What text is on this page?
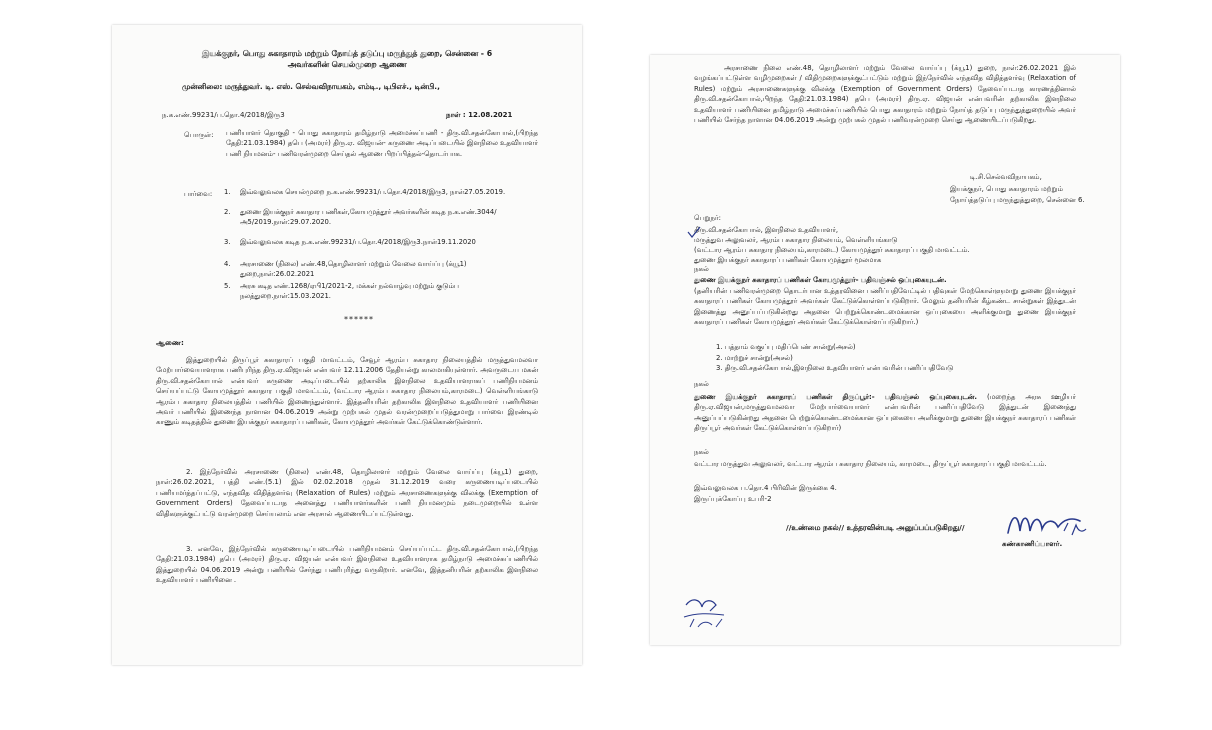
இயக்குநர், பொது சுகாதாரம் மற்றும் நோய்த் தடுப்பு மருந்துத் துறை, சென்னை - 6
அவர்களின் செயல்முறை ஆணை
முன்னிலை: மருத்துவர். டி. எஸ். செல்வவிநாயகம், எம்டி., டிபிஎச்., டின்பி.,
ந.க.எண்.99231/ப.தொ.4/2018/இரு3	நாள் : 12.08.2021
பொருள்: பணியாளர் தொகுதி - பொது சுகாதாரம் தமிழ்நாடு அமைச்சுப்பணி - திரு.வி.சதன்கோபால்,(பிறந்த தேதி:21.03.1984) தபெ (அமரர்) திரு.ஏ. விஜயன்- கருணை அடிப்படையில் இளநிலை உதவியாளர் பணி நியமனம்- பணிவரன்முறை செய்தல் ஆணை பிறப்பித்தல்-தொடர்பாக.
பார்வை: 1. இவ்வலுவலக செயல்முறை ந.க.எண்.99231/ப.தொ.4/2018/இரு3, நாள்27.05.2019.
2. துணை இயக்குநர் சுகாதார பணிகள்,கோயமுத்தூர் அவர்களின் கடித ந.க.எண்.3044/அ5/2019.நாள்:29.07.2020.
3. இவ்வலுவலக கடித ந.க.எண்.99231/ப.தொ.4/2018/இரு3.நாள்19.11.2020
4. அரசாணை (நிலை) எண்.48,தொழிலாளர் மற்றும் வேலை வாய்ப்பு (க்யூ1) துறை,நாள்:26.02.2021
5. அரசு கடித எண்.1268/ஏபி1/2021-2, மக்கள் நல்வாழ்வு மற்றும் குடும்ப நலத்துறை.நாள்:15.03.2021.
******
ஆணை:
இத்துறையில் திருப்பூர் சுகாதாரப் பகுதி மாவட்டம், சேவூர் ஆரம்ப சுகாதார நிலையத்தில் மருத்துவமலவா மேற்பார்வையாளராக பணிபுரிந்த திரு.ஏ.விஜயன் என்பவர் 12.11.2006 தேதியன்று காலமாகியுள்ளார். அவருடைய மகன் திரு.வி.சதன்கோபால் என்பவர் கருணை அடிப்படையில் தற்காலிக இளநிலை உதவியாளராகப் பணிநியமனம் செய்யப்பட்டு கோயமுத்தூர் சுகாதார பகுதி மாவட்டம், (வட்டார ஆரம்ப சுகாதார நிலையம்,காரமடை) வெள்ளியங்காடு ஆரம்ப சுகாதார நிலையத்தில் பணியில் இணைந்துள்ளார். இத்தனியரின் தற்காலிக இளநிலை உதவியாளர் பணியினை அவர் பணியில் இணைந்த நாளான 04.06.2019 அன்று முற்பகல் முதல் வரன்முறைப்படுத்துமாறு பார்வை இரண்டில் காணும் கடிதத்தில் துணை இயக்குநர் சுகாதாரப் பணிகள், கோயமுத்தூர் அவர்கள் கேட்டுக்கொண்டுள்ளார்.
2. இந்நேர்வில் அரசாணை (நிலை) எண்.48, தொழிலாளர் மற்றும் வேலை வாய்ப்பு (க்யூ1) துறை, நாள்:26.02.2021, பத்தி எண்.(5.1) இல் 02.02.2018 முதல் 31.12.2019 வரை கருணையடிப்படையில் பணியமர்த்தப்பட்டு, எந்தவித விதித்தளர்வு (Relaxation of Rules) மற்றும் அரசாணைகளுக்கு விலக்கு (Exemption of Government Orders) தேவைப்படாத அனைத்து பணியாளர்களின் பணி நியமனமும் நடைமுறையில் உள்ள விதிகளுக்குட்பட்டு வரன்முறை செய்யலாம் என அரசால் ஆணையிடப்பட்டுள்ளது.
3. எனவே, இந்நேர்வில் கருணையடிப்படையில் பணிநியமனம் செய்யப்பட்ட திரு.வி.சதன்கோபால்,(பிறந்த தேதி:21.03.1984) தபெ (அமரர்) திரு.ஏ. விஜயன் என்பவர் இளநிலை உதவியாளராக தமிழ்நாடு அமைச்சுப்பணியில் இத்துறையில் 04.06.2019 அன்று பணியில் சேர்ந்து பணிபுரிந்து வருகிறார். எனவே, இத்தனியரின் தற்காலிக இளநிலை உதவியாளர் பணியினை .
அரசாணை நிலை எண்.48, தொழிலாளர் மற்றும் வேலை வாய்ப்பு (க்யூ1) துறை, நாள்:26.02.2021 இல் வழங்கப்பட்டுள்ள வழிமுறைகள் / விதிமுறைகளுக்குட்பட்டும் மற்றும் இந்நேர்வில் எந்தவித விதித்தளர்வு (Relaxation of Rules) மற்றும் அரசாணைகளுக்கு விலக்கு (Exemption of Government Orders) தேவைப்படாத காரணத்தினால் திரு.வி.சதன்கோபால்,பிறந்த தேதி:21.03.1984) தபெ (அமரர்) திரு.ஏ. விஜயன் என்பவரின் தற்காலிக இளநிலை உதவியாளர் பணியினை தமிழ்நாடு அமைச்சுப்பணியில் பொது சுகாதாரம் மற்றும் நோய்த் தடுப்பு மருந்துத்துறையில் அவர் பணியில் சேர்ந்த நாளான 04.06.2019 அன்று முற்பகல் முதல் பணிவரன்முறை செய்து ஆணையிடப்படுகிறது.
டி.சி.செல்வவிநாயகம்,
இயக்குநர், பொது சுகாதாரம் மற்றும்
நோய்த்தடுப்பு மருந்துத்துறை, சென்னை 6.
பெறுநர்:

திரு.வி.சதன்கோபால், இளநிலை உதவியாளர்,

மருத்துவ அலுவலர், ஆரம்ப சுகாதார நிலையம், வெள்ளியங்காடு

(வட்டார ஆரம்ப சுகாதார நிலையம்,காரமடை) கோயமுத்தூர் சுகாதாரப் பகுதி மாவட்டம்.

துணை இயக்குநர் சுகாதாரப் பணிகள் கோயமுத்தூர் மூலமாக

நகல்
துணை இயக்குநர் சுகாதாரப் பணிகள் கோயமுத்தூர்- பதிவஞ்சல் ஒப்புகையுடன்.
(தனியரின் பணிவரன்முறை தொடர்பான உத்தரவினை பணிப்பதிவேட்டில் பதிவுகள் மேற்கொள்ளுமாறு துணை இயக்குநர் சுகாதாரப் பணிகள் கோயமுத்தூர் அவர்கள் கேட்டுக்கொள்ளப்படுகிறார். மேலும் தனியரின் கீழ்கண்ட சான்றுகள் இத்துடன் இணைத்து அனுப்பப்படுகின்றது அதனை பெற்றுக்கொண்டமைக்கான ஒப்புகையை அளிக்குமாறு துணை இயக்குநர் சுகாதாரப் பணிகள் கோயமுத்தூர் அவர்கள் கேட்டுக்கொள்ளப்படுகிறார்.)
1. பத்தாம் வகுப்பு மதிப்பெண் சான்று(அசல்)
2. மாற்றுச் சான்று(அசல்)
3. திரு.வி.சதன்கோபால்,இளநிலை உதவியாளர் என்பவரின் பணிப்பதிவேடு
நகல்
துணை இயக்குநர் சுகாதாரப் பணிகள் திருப்பூர்:- பதிவஞ்சல் ஒப்புகையுடன். (மறைந்த அரசு ஊழியர் திரு.ஏ.விஜயன்,மருத்துவமலவா மேற்பார்வையாளர் என்பவரின் பணிப்பதிவேடு இத்துடன் இணைத்து அனுப்பப்படுகின்றது அதனை பெற்றுக்கொண்டமைக்கான ஒப்புகையை அளிக்குமாறு துணை இயக்குநர் சுகாதாரப் பணிகள் திருப்பூர் அவர்கள் கேட்டுக்கொள்ளப்படுகிறார்)
நகல்
வட்டார மருத்துவ அலுவலர், வட்டார ஆரம்ப சுகாதார நிலையம், காரமடை, திருப்பூர் சுகாதாரப் பகுதி மாவட்டம்.
இவ்வலுவலக ப.தொ.4 பிரிவின் இருக்கை 4.
இருப்புக்கோப்பு உபரி-2
//உண்மை நகல்// உத்தரவின்படி அனுப்பப்படுகிறது//
கண்காணிப்பாளர்.
